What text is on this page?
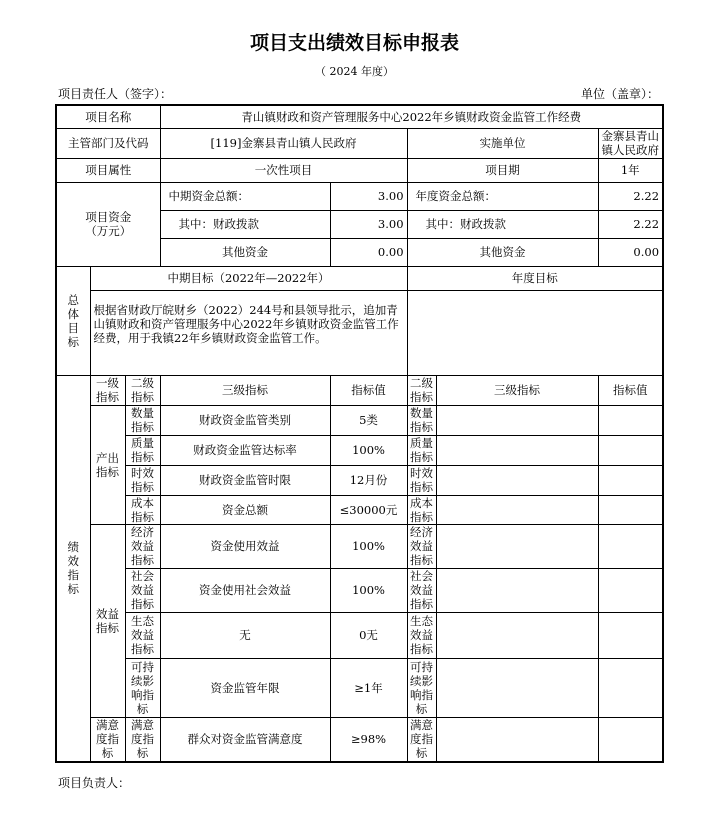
项目支出绩效目标申报表
（ 2024 年度）
项目责任人（签字）：	单位（盖章）：
项目名称			青山镇财政和资产管理服务中心2022年乡镇财政资金监管工作经费				
主管部门及代码			[119]金寨县青山镇人民政府		实施单位		金寨县青山镇人民政府
项目属性			一次性项目		项目期		1年
项目资金（万元）			中期资金总额：	3.00	年度资金总额：		2.22
			其中：财政拨款	3.00	其中：财政拨款		2.22
			其他资金	0.00	其他资金		0.00
总体目标	中期目标（2022年—2022年）				年度目标		
	根据省财政厅皖财乡（2022）244号和县领导批示，追加青山镇财政和资产管理服务中心2022年乡镇财政资金监管工作经费，用于我镇22年乡镇财政资金监管工作。						
绩效指标	一级指标	二级指标	三级指标	指标值	二级指标	三级指标	指标值
	产出指标	数量指标	财政资金监管类别	5类	数量指标		
		质量指标	财政资金监管达标率	100%	质量指标		
		时效指标	财政资金监管时限	12月份	时效指标		
		成本指标	资金总额	≤30000元	成本指标		
	效益指标	经济效益指标	资金使用效益	100%	经济效益指标		
		社会效益指标	资金使用社会效益	100%	社会效益指标		
		生态效益指标	无	0无	生态效益指标		
		可持续影响指标	资金监管年限	≥1年	可持续影响指标		
	满意度指标	满意度指标	群众对资金监管满意度	≥98%	满意度指标		
项目负责人：
